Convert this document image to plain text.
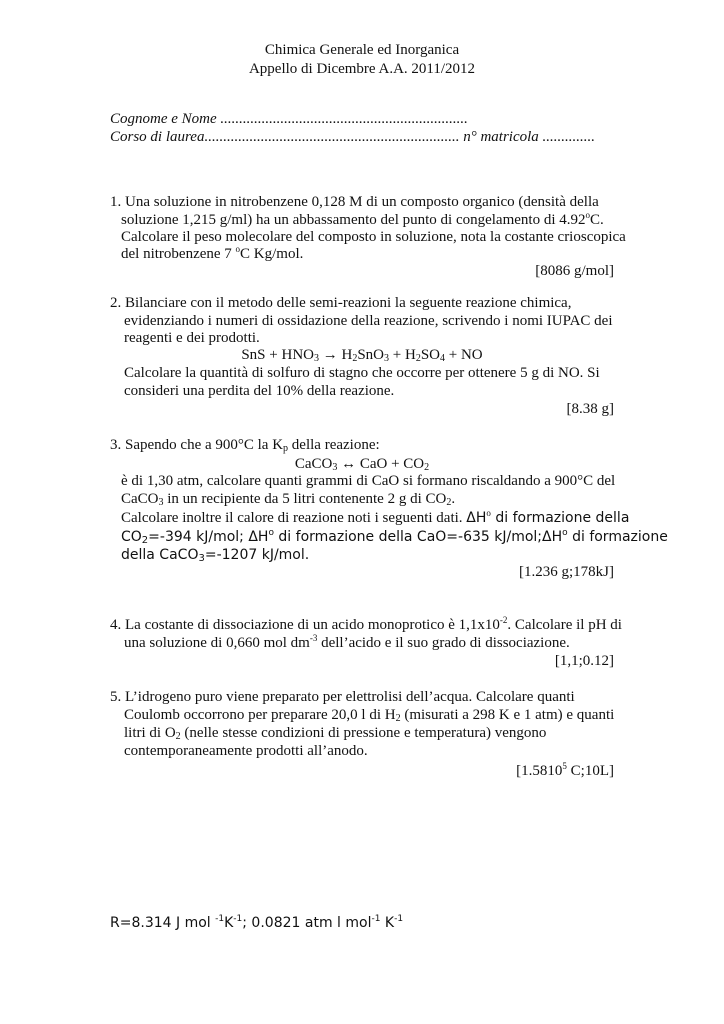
Chimica Generale ed Inorganica
Appello di Dicembre A.A. 2011/2012
Cognome e Nome ..................................................................
Corso di laurea.................................................................... n° matricola ..............
1. Una soluzione in nitrobenzene 0,128 M di un composto organico (densità della
soluzione 1,215 g/ml) ha un abbassamento del punto di congelamento di 4.92$^o$C.
Calcolare il peso molecolare del composto in soluzione, nota la costante crioscopica
del nitrobenzene 7 $^o$C Kg/mol.
[8086 g/mol]
2. Bilanciare con il metodo delle semi-reazioni la seguente reazione chimica,
evidenziando i numeri di ossidazione della reazione, scrivendo i nomi IUPAC dei
reagenti e dei prodotti.
SnS + $HNO_3 \to H_2SnO_3 + H_2SO_4$ + NO
Calcolare la quantità di solfuro di stagno che occorre per ottenere 5 g di NO. Si
consideri una perdita del 10% della reazione.
[8.38 g]
3. Sapendo che a 900°C la $K_p$ della reazione:
CaCO$_3$ ↔ CaO + $CO_2$
è di 1,30 atm, calcolare quanti grammi di CaO si formano riscaldando a 900°C del
CaCO$_3$ in un recipiente da 5 litri contenente 2 g di $CO_2$.
Calcolare inoltre il calore di reazione noti i seguenti dati. $\Delta H^o$ di formazione della
$CO_2=-394$ kJ/mol; $\Delta H^o$ di formazione della CaO=-635 $kJ/mol;\Delta H^o$ di formazione
della CaCO$_3$=-1207 kJ/mol.
[1.236 g;178kJ]
4. La costante di dissociazione di un acido monoprotico è $1,1x10^{-2}$. Calcolare il pH di
una soluzione di 0,660 mol $dm^{-3}$ dell’acido e il suo grado di dissociazione.
[1,1;0.12]
5. L’idrogeno puro viene preparato per elettrolisi dell’acqua. Calcolare quanti
Coulomb occorrono per preparare 20,0 l di $H_2$ (misurati a 298 K e 1 atm) e quanti
litri di $O_2$ (nelle stesse condizioni di pressione e temperatura) vengono
contemporaneamente prodotti all’anodo.
[1.5810$^5$ C;10L]
R=8.314 J mol $^{-1}K^{-1}$; 0.0821 atm l mol$^{-1}$ $K^{-1}$
